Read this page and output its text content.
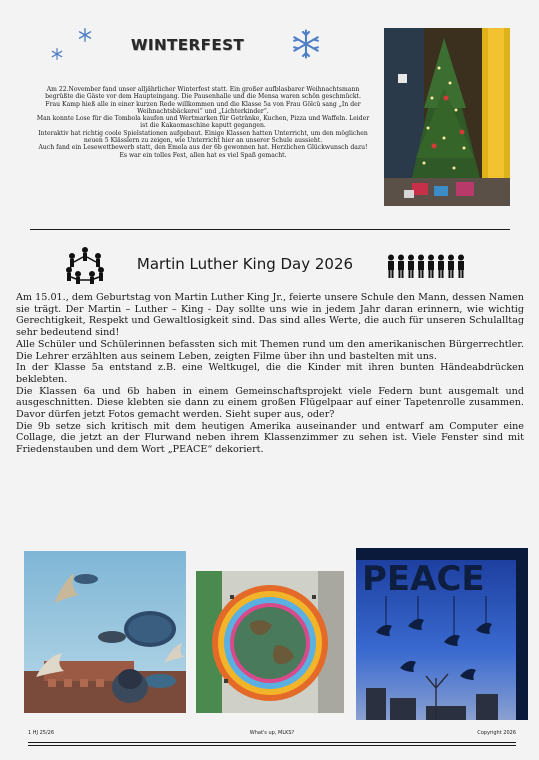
WINTERFEST
Am 22.November fand unser alljährlicher Winterfest statt. Ein großer aufblasbarer Weihnachtsmann begrüßte die Gäste vor dem Haupteingang. Die Pausenhalle und die Mensa waren schön geschmückt.
Frau Kamp hieß alle in einer kurzen Rede willkommen und die Klasse 5a von Frau Gölcü sang „In der Weihnachtsbäckerei“ und „Lichterkinder“.
Man konnte Lose für die Tombola kaufen und Wertmarken für Getränke, Kuchen, Pizza und Waffeln. Leider ist die Kakaomaschine kaputt gegangen.
Interaktiv hat richtig coole Spielstationen aufgebaut. Einige Klassen hatten Unterricht, um den möglichen neuen 5 Klässlern zu zeigen, wie Unterricht hier an unserer Schule aussieht.
Auch fand ein Lesewettbewerb statt, den Emela aus der 6b gewonnen hat. Herzlichen Glückwunsch dazu!
Es war ein tolles Fest, allen hat es viel Spaß gemacht.
Martin Luther King Day 2026

Am 15.01., dem Geburtstag von Martin Luther King Jr., feierte unsere Schule den Mann, dessen Namen sie trägt. Der Martin – Luther – King - Day sollte uns wie in jedem Jahr daran erinnern, wie wichtig Gerechtigkeit, Respekt und Gewaltlosigkeit sind. Das sind alles Werte, die auch für unseren Schulalltag sehr bedeutend sind!

Alle Schüler und Schülerinnen befassten sich mit Themen rund um den amerikanischen Bürgerrechtler. Die Lehrer erzählten aus seinem Leben, zeigten Filme über ihn und bastelten mit uns.

In der Klasse 5a entstand z.B. eine Weltkugel, die die Kinder mit ihren bunten Händeabdrücken beklebten.

Die Klassen 6a und 6b haben in einem Gemeinschaftsprojekt viele Federn bunt ausgemalt und ausgeschnitten. Diese klebten sie dann zu einem großen Flügelpaar auf einer Tapetenrolle zusammen. Davor dürfen jetzt Fotos gemacht werden. Sieht super aus, oder?

Die 9b setze sich kritisch mit dem heutigen Amerika auseinander und entwarf am Computer eine Collage, die jetzt an der Flurwand neben ihrem Klassenzimmer zu sehen ist. Viele Fenster sind mit Friedenstauben und dem Wort „PEACE“ dekoriert.

PEACE
1 HJ 25/26	What's up, MLKS?	Copyright 2026
